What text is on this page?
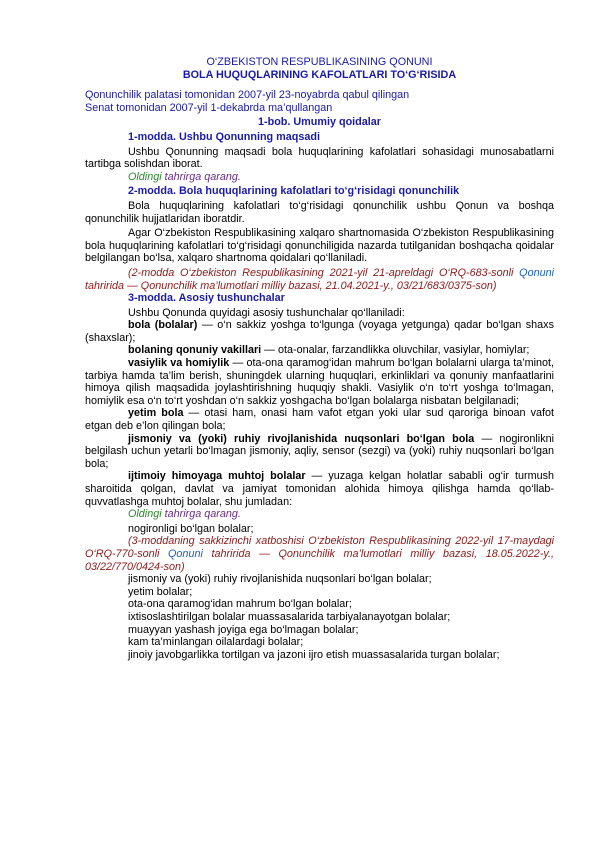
O‘ZBEKISTON RESPUBLIKASINING QONUNI

BOLA HUQUQLARINING KAFOLATLARI TO‘G‘RISIDA

Qonunchilik palatasi tomonidan 2007-yil 23-noyabrda qabul qilingan

Senat tomonidan 2007-yil 1-dekabrda ma’qullangan

1-bob. Umumiy qoidalar

1-modda. Ushbu Qonunning maqsadi

Ushbu Qonunning maqsadi bola huquqlarining kafolatlari sohasidagi munosabatlarni tartibga solishdan iborat.

Oldingi tahrirga qarang.

2-modda. Bola huquqlarining kafolatlari to‘g‘risidagi qonunchilik

Bola huquqlarining kafolatlari to‘g‘risidagi qonunchilik ushbu Qonun va boshqa qonunchilik hujjatlaridan iboratdir.

Agar O‘zbekiston Respublikasining xalqaro shartnomasida O‘zbekiston Respublikasining bola huquqlarining kafolatlari to‘g‘risidagi qonunchiligida nazarda tutilganidan boshqacha qoidalar belgilangan bo‘lsa, xalqaro shartnoma qoidalari qo‘llaniladi.

(2-modda O‘zbekiston Respublikasining 2021-yil 21-apreldagi O‘RQ-683-sonli Qonuni tahririda — Qonunchilik ma’lumotlari milliy bazasi, 21.04.2021-y., 03/21/683/0375-son)

3-modda. Asosiy tushunchalar

Ushbu Qonunda quyidagi asosiy tushunchalar qo‘llaniladi:

bola (bolalar) — o‘n sakkiz yoshga to‘lgunga (voyaga yetgunga) qadar bo‘lgan shaxs (shaxslar);

bolaning qonuniy vakillari — ota-onalar, farzandlikka oluvchilar, vasiylar, homiylar;

vasiylik va homiylik — ota-ona qaramog‘idan mahrum bo‘lgan bolalarni ularga ta’minot, tarbiya hamda ta’lim berish, shuningdek ularning huquqlari, erkinliklari va qonuniy manfaatlarini himoya qilish maqsadida joylashtirishning huquqiy shakli. Vasiylik o‘n to‘rt yoshga to‘lmagan, homiylik esa o‘n to‘rt yoshdan o‘n sakkiz yoshgacha bo‘lgan bolalarga nisbatan belgilanadi;

yetim bola — otasi ham, onasi ham vafot etgan yoki ular sud qaroriga binoan vafot etgan deb e’lon qilingan bola;

jismoniy va (yoki) ruhiy rivojlanishida nuqsonlari bo‘lgan bola — nogironlikni belgilash uchun yetarli bo‘lmagan jismoniy, aqliy, sensor (sezgi) va (yoki) ruhiy nuqsonlari bo‘lgan bola;

ijtimoiy himoyaga muhtoj bolalar — yuzaga kelgan holatlar sababli og‘ir turmush sharoitida qolgan, davlat va jamiyat tomonidan alohida himoya qilishga hamda qo‘llab-quvvatlashga muhtoj bolalar, shu jumladan:

Oldingi tahrirga qarang.

nogironligi bo‘lgan bolalar;

(3-moddaning sakkizinchi xatboshisi O‘zbekiston Respublikasining 2022-yil 17-maydagi O‘RQ-770-sonli Qonuni tahririda — Qonunchilik ma’lumotlari milliy bazasi, 18.05.2022-y., 03/22/770/0424-son)

jismoniy va (yoki) ruhiy rivojlanishida nuqsonlari bo‘lgan bolalar;

yetim bolalar;

ota-ona qaramog‘idan mahrum bo‘lgan bolalar;

ixtisoslashtirilgan bolalar muassasalarida tarbiyalanayotgan bolalar;

muayyan yashash joyiga ega bo‘lmagan bolalar;

kam ta’minlangan oilalardagi bolalar;

jinoiy javobgarlikka tortilgan va jazoni ijro etish muassasalarida turgan bolalar;
